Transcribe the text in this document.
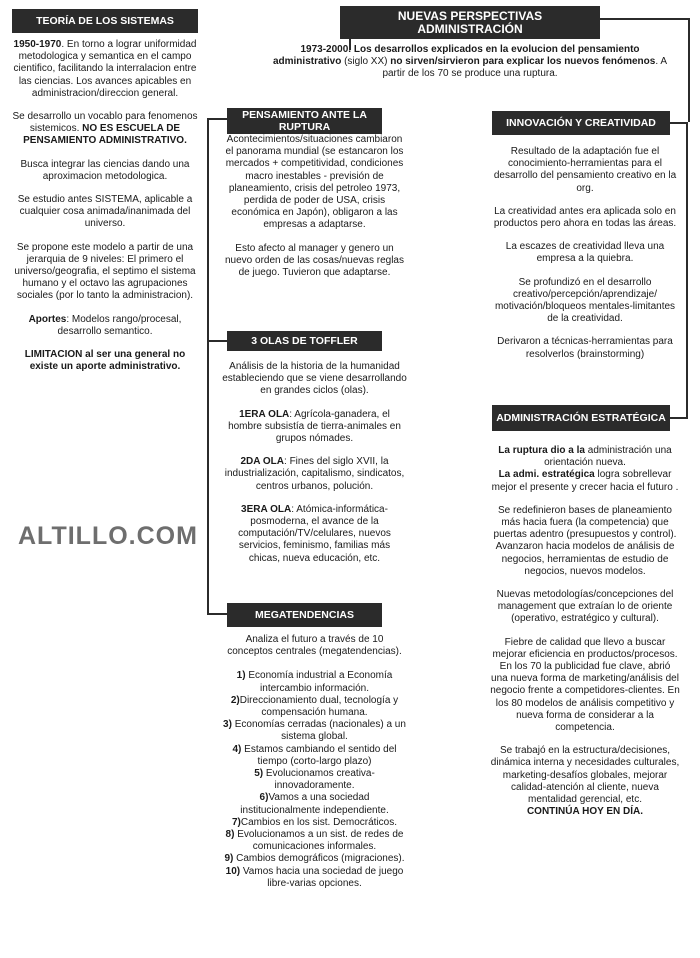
NUEVAS PERSPECTIVAS ADMINISTRACIÓN
1973-2000. Los desarrollos explicados en la evolucion del pensamiento administrativo (siglo XX) no sirven/sirvieron para explicar los nuevos fenómenos. A partir de los 70 se produce una ruptura.
TEORÍA DE LOS SISTEMAS

1950-1970. En torno a lograr uniformidad metodologica y semantica en el campo cientifico, facilitando la interralacion entre las ciencias. Los avances apicables en administracion/direccion general.

Se desarrollo un vocablo para fenomenos sistemicos. NO ES ESCUELA DE PENSAMIENTO ADMINISTRATIVO.

Busca integrar las ciencias dando una aproximacion metodologica.

Se estudio antes SISTEMA, aplicable a cualquier cosa animada/inanimada del universo.

Se propone este modelo a partir de una jerarquia de 9 niveles: El primero el universo/geografia, el septimo el sistema humano y el octavo las agrupaciones sociales (por lo tanto la administracion).

Aportes: Modelos rango/procesal, desarrollo semantico.

LIMITACION al ser una general no existe un aporte administrativo.

ALTILLO.COM
PENSAMIENTO ANTE LA RUPTURA

Acontecimientos/situaciones cambiaron el panorama mundial (se estancaron los mercados + competitividad, condiciones macro inestables - previsión de planeamiento, crisis del petroleo 1973, perdida de poder de USA, crisis económica en Japón), obligaron a las empresas a adaptarse.

Esto afecto al manager y genero un nuevo orden de las cosas/nuevas reglas de juego. Tuvieron que adaptarse.

3 OLAS DE TOFFLER

Análisis de la historia de la humanidad estableciendo que se viene desarrollando en grandes ciclos (olas).

1ERA OLA: Agrícola-ganadera, el hombre subsistía de tierra-animales en grupos nómades.

2DA OLA: Fines del siglo XVII, la industrialización, capitalismo, sindicatos, centros urbanos, polución.

3ERA OLA: Atómica-informática-posmoderna, el avance de la computación/TV/celulares, nuevos servicios, feminismo, familias más chicas, nueva educación, etc.

MEGATENDENCIAS

Analiza el futuro a través de 10 conceptos centrales (megatendencias).

1) Economía industrial a Economía intercambio información.
2)Direccionamiento dual, tecnología y compensación humana.
3) Economías cerradas (nacionales) a un sistema global.
4) Estamos cambiando el sentido del tiempo (corto-largo plazo)
5) Evolucionamos creativa-innovadoramente.
6)Vamos a una sociedad institucionalmente independiente.
7)Cambios en los sist. Democráticos.
8) Evolucionamos a un sist. de redes de comunicaciones informales.
9) Cambios demográficos (migraciones).
10) Vamos hacia una sociedad de juego libre-varias opciones.
INNOVACIÓN Y CREATIVIDAD

Resultado de la adaptación fue el conocimiento-herramientas para el desarrollo del pensamiento creativo en la org.

La creatividad antes era aplicada solo en productos pero ahora en todas las áreas.

La escazes de creatividad lleva una empresa a la quiebra.

Se profundizó en el desarrollo creativo/percepción/aprendizaje/ motivación/bloqueos mentales-limitantes de la creatividad.

Derivaron a técnicas-herramientas para resolverlos (brainstorming)

ADMINISTRACIÓN ESTRATÉGICA
La ruptura dio a la administración una orientación nueva.

La admi. estratégica logra sobrellevar mejor el presente y crecer hacia el futuro .

Se redefinieron bases de planeamiento más hacia fuera (la competencia) que puertas adentro (presupuestos y control). Avanzaron hacia modelos de análisis de negocios, herramientas de estudio de negocios, nuevos modelos.

Nuevas metodologías/concepciones del management que extraían lo de oriente (operativo, estratégico y cultural).

Fiebre de calidad que llevo a buscar mejorar eficiencia en productos/procesos. En los 70 la publicidad fue clave, abrió una nueva forma de marketing/análisis del negocio frente a competidores-clientes. En los 80 modelos de análisis competitivo y nueva forma de considerar a la competencia.

Se trabajó en la estructura/decisiones, dinámica interna y necesidades culturales, marketing-desafíos globales, mejorar calidad-atención al cliente, nueva mentalidad gerencial, etc.
CONTINÚA HOY EN DÍA.
